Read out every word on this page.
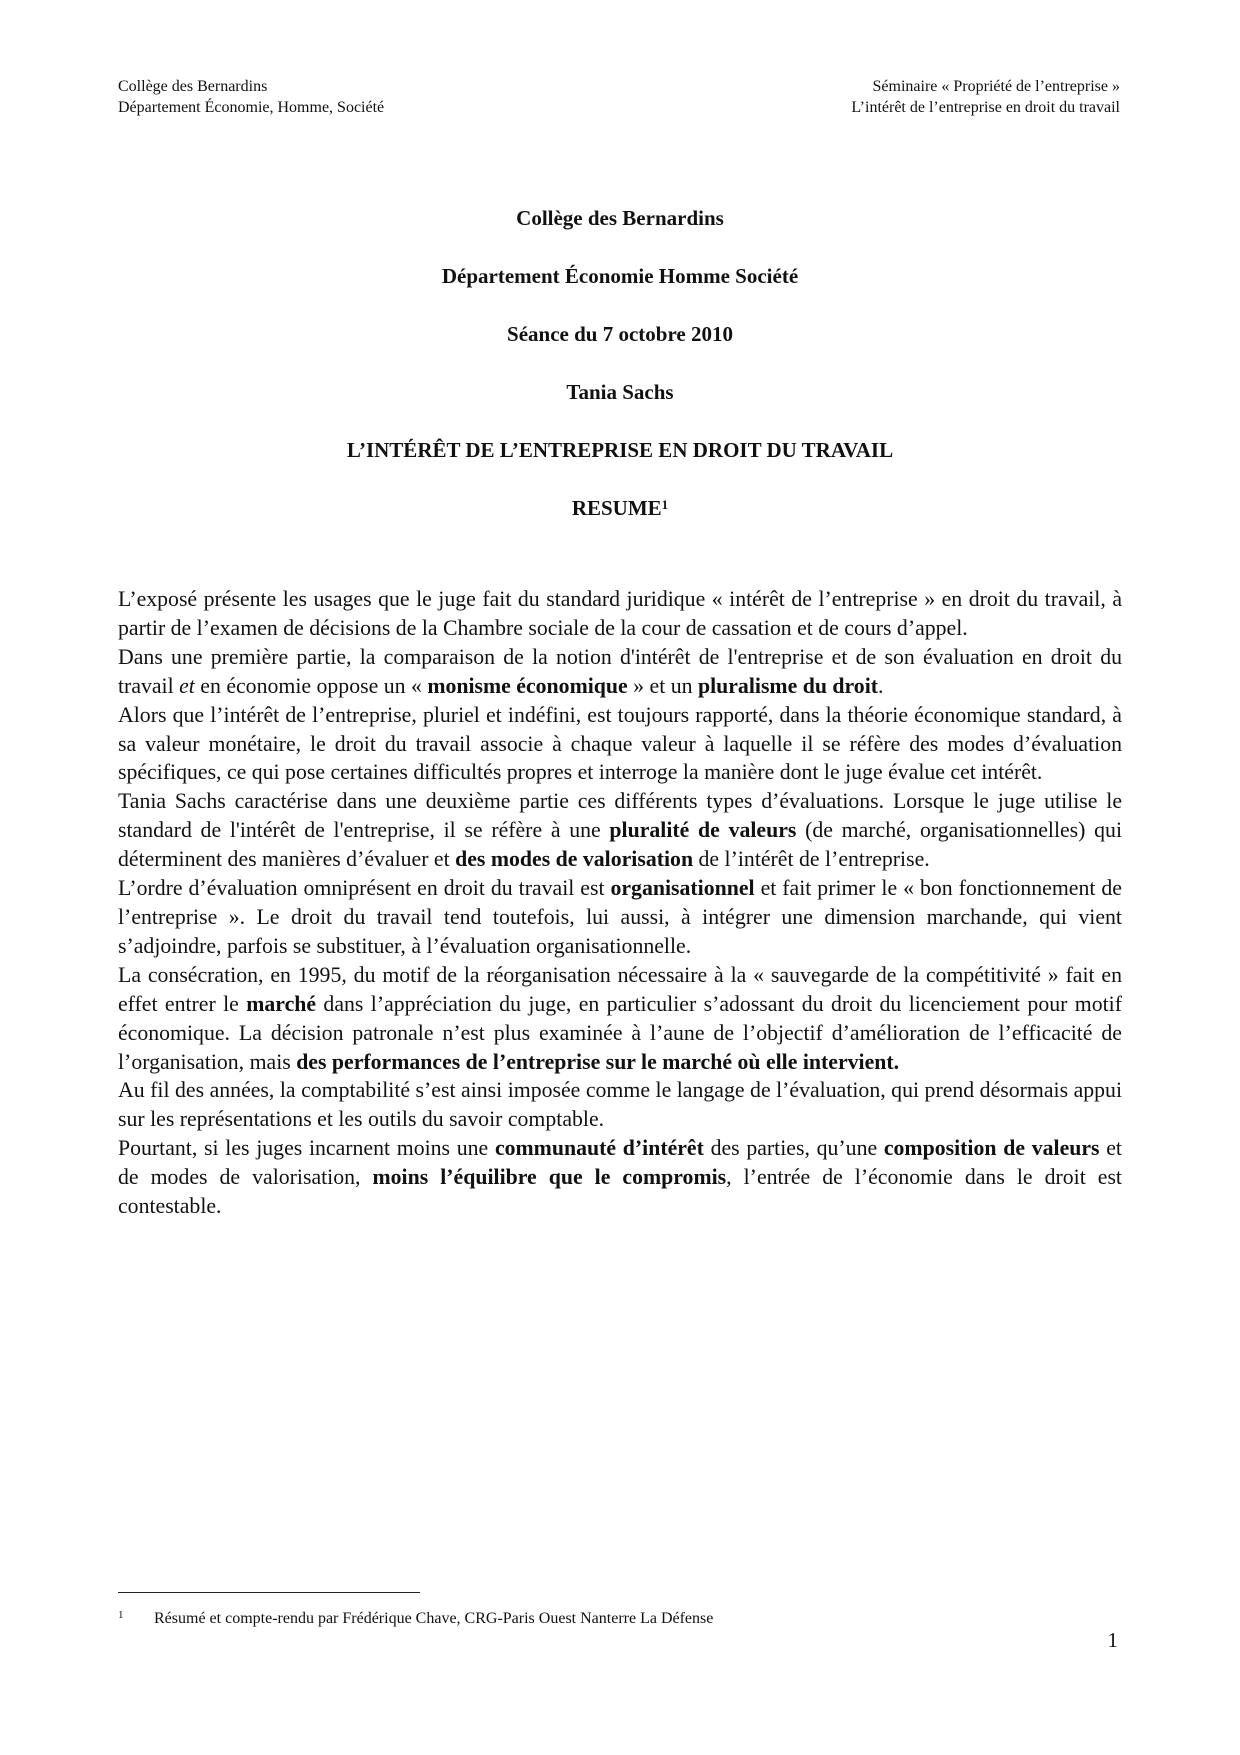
Collège des Bernardins
Département Économie, Homme, Société
Séminaire « Propriété de l’entreprise »
L’intérêt de l’entreprise en droit du travail
Collège des Bernardins
Département Économie Homme Société
Séance du 7 octobre 2010
Tania Sachs
L’INTÉRÊT DE L’ENTREPRISE EN DROIT DU TRAVAIL
RESUME$^1$

L’exposé présente les usages que le juge fait du standard juridique « intérêt de l’entreprise » en droit du travail, à partir de l’examen de décisions de la Chambre sociale de la cour de cassation et de cours d’appel.

Dans une première partie, la comparaison de la notion d'intérêt de l'entreprise et de son évaluation en droit du travail et en économie oppose un « monisme économique » et un pluralisme du droit.

Alors que l’intérêt de l’entreprise, pluriel et indéfini, est toujours rapporté, dans la théorie économique standard, à sa valeur monétaire, le droit du travail associe à chaque valeur à laquelle il se réfère des modes d’évaluation spécifiques, ce qui pose certaines difficultés propres et interroge la manière dont le juge évalue cet intérêt.

Tania Sachs caractérise dans une deuxième partie ces différents types d’évaluations. Lorsque le juge utilise le standard de l'intérêt de l'entreprise, il se réfère à une pluralité de valeurs (de marché, organisationnelles) qui déterminent des manières d’évaluer et des modes de valorisation de l’intérêt de l’entreprise.

L’ordre d’évaluation omniprésent en droit du travail est organisationnel et fait primer le « bon fonctionnement de l’entreprise ». Le droit du travail tend toutefois, lui aussi, à intégrer une dimension marchande, qui vient s’adjoindre, parfois se substituer, à l’évaluation organisationnelle.

La consécration, en 1995, du motif de la réorganisation nécessaire à la « sauvegarde de la compétitivité » fait en effet entrer le marché dans l’appréciation du juge, en particulier s’adossant du droit du licenciement pour motif économique. La décision patronale n’est plus examinée à l’aune de l’objectif d’amélioration de l’efficacité de l’organisation, mais des performances de l’entreprise sur le marché où elle intervient.

Au fil des années, la comptabilité s’est ainsi imposée comme le langage de l’évaluation, qui prend désormais appui sur les représentations et les outils du savoir comptable.

Pourtant, si les juges incarnent moins une communauté d’intérêt des parties, qu’une composition de valeurs et de modes de valorisation, moins l’équilibre que le compromis, l’entrée de l’économie dans le droit est contestable.

1 Résumé et compte-rendu par Frédérique Chave, CRG-Paris Ouest Nanterre La Défense
1
